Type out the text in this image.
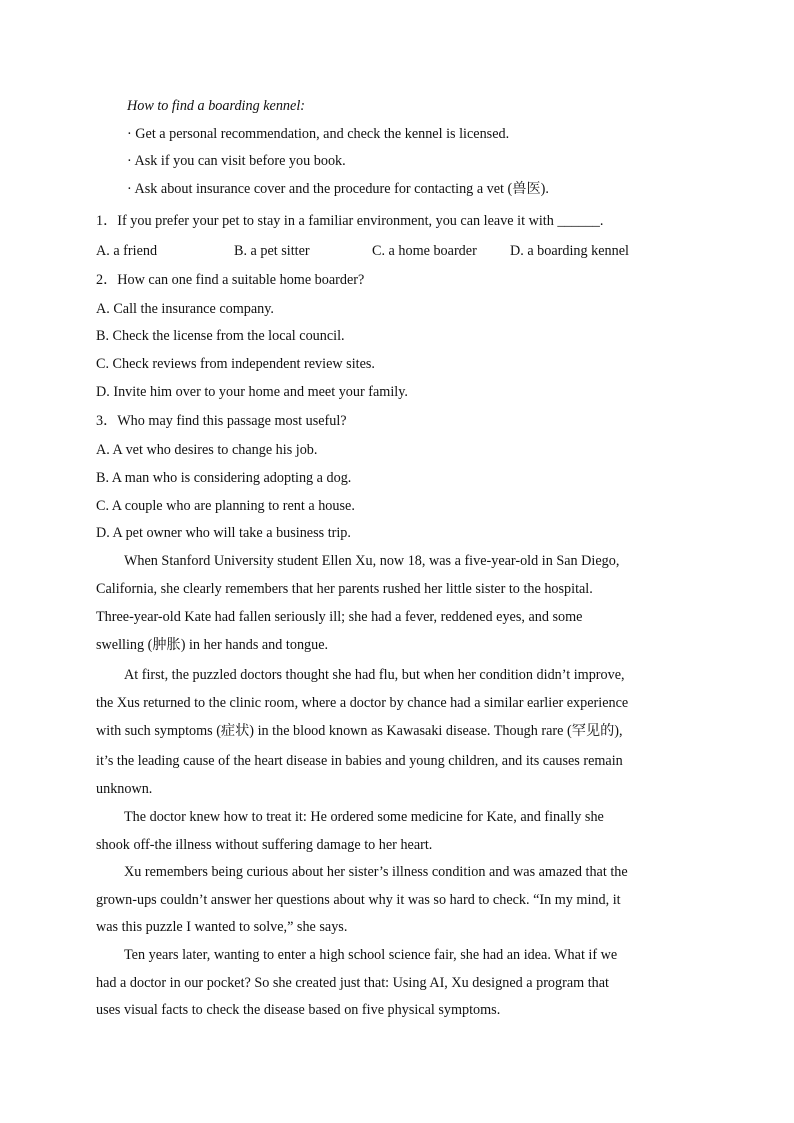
How to find a boarding kennel:
· Get a personal recommendation, and check the kennel is licensed.
· Ask if you can visit before you book.
· Ask about insurance cover and the procedure for contacting a vet (兽医).
1．If you prefer your pet to stay in a familiar environment, you can leave it with ______.
A. a friend	B. a pet sitter	C. a home boarder D. a boarding kennel
2．How can one find a suitable home boarder?
A. Call the insurance company.
B. Check the license from the local council.
C. Check reviews from independent review sites.
D. Invite him over to your home and meet your family.
3．Who may find this passage most useful?
A. A vet who desires to change his job.
B. A man who is considering adopting a dog.
C. A couple who are planning to rent a house.
D. A pet owner who will take a business trip.
When Stanford University student Ellen Xu, now 18, was a five-year-old in San Diego,
California, she clearly remembers that her parents rushed her little sister to the hospital.
Three-year-old Kate had fallen seriously ill; she had a fever, reddened eyes, and some
swelling (肿胀) in her hands and tongue.
At first, the puzzled doctors thought she had flu, but when her condition didn’t improve,
the Xus returned to the clinic room, where a doctor by chance had a similar earlier experience
with such symptoms (症状) in the blood known as Kawasaki disease. Though rare (罕见的),
it’s the leading cause of the heart disease in babies and young children, and its causes remain
unknown.
The doctor knew how to treat it: He ordered some medicine for Kate, and finally she
shook off-the illness without suffering damage to her heart.
Xu remembers being curious about her sister’s illness condition and was amazed that the
grown-ups couldn’t answer her questions about why it was so hard to check. “In my mind, it
was this puzzle I wanted to solve,” she says.
Ten years later, wanting to enter a high school science fair, she had an idea. What if we
had a doctor in our pocket? So she created just that: Using AI, Xu designed a program that
uses visual facts to check the disease based on five physical symptoms.
